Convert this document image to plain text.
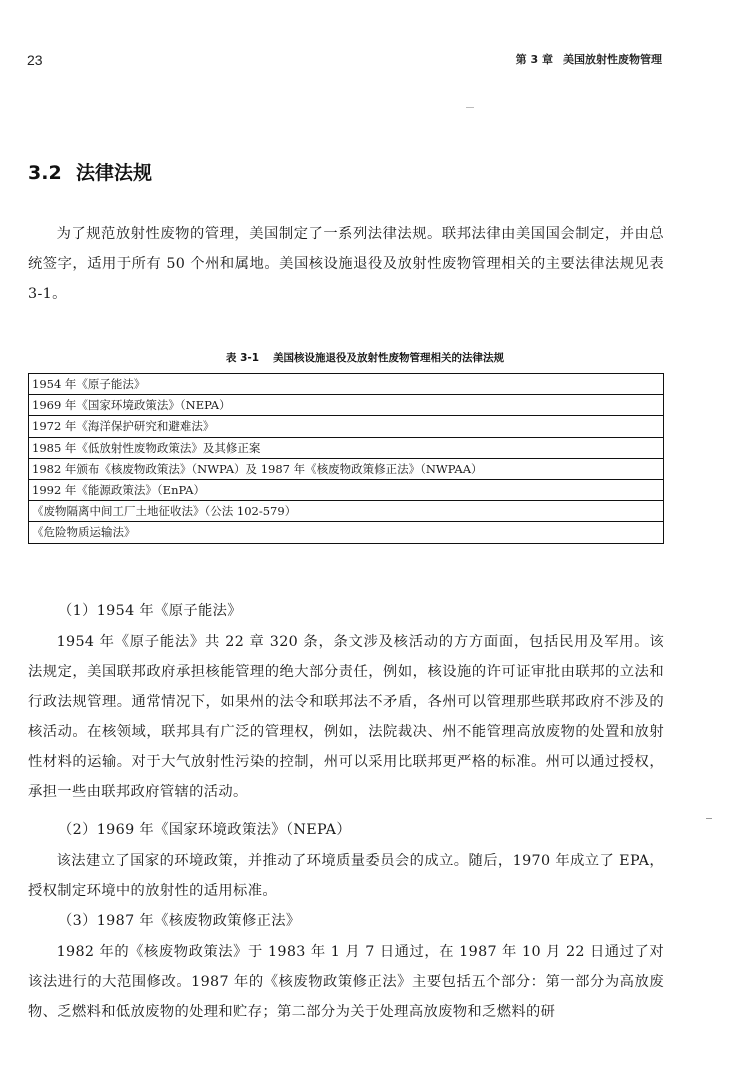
23	第 3 章 美国放射性废物管理
3.2 法律法规

为了规范放射性废物的管理，美国制定了一系列法律法规。联邦法律由美国国会制定，并由总统签字，适用于所有 50 个州和属地。美国核设施退役及放射性废物管理相关的主要法律法规见表 3-1。

表 3-1 美国核设施退役及放射性废物管理相关的法律法规
1954 年《原子能法》
1969 年《国家环境政策法》（NEPA）
1972 年《海洋保护研究和避难法》
1985 年《低放射性废物政策法》及其修正案
1982 年颁布《核废物政策法》（NWPA）及 1987 年《核废物政策修正法》（NWPAA）
1992 年《能源政策法》（EnPA）
《废物隔离中间工厂土地征收法》（公法 102-579）
《危险物质运输法》
（1）1954 年《原子能法》

1954 年《原子能法》共 22 章 320 条，条文涉及核活动的方方面面，包括民用及军用。该法规定，美国联邦政府承担核能管理的绝大部分责任，例如，核设施的许可证审批由联邦的立法和行政法规管理。通常情况下，如果州的法令和联邦法不矛盾，各州可以管理那些联邦政府不涉及的核活动。在核领域，联邦具有广泛的管理权，例如，法院裁决、州不能管理高放废物的处置和放射性材料的运输。对于大气放射性污染的控制，州可以采用比联邦更严格的标准。州可以通过授权，承担一些由联邦政府管辖的活动。

（2）1969 年《国家环境政策法》（NEPA）

该法建立了国家的环境政策，并推动了环境质量委员会的成立。随后，1970 年成立了 EPA，授权制定环境中的放射性的适用标准。

（3）1987 年《核废物政策修正法》

1982 年的《核废物政策法》于 1983 年 1 月 7 日通过，在 1987 年 10 月 22 日通过了对该法进行的大范围修改。1987 年的《核废物政策修正法》主要包括五个部分：第一部分为高放废物、乏燃料和低放废物的处理和贮存；第二部分为关于处理高放废物和乏燃料的研
